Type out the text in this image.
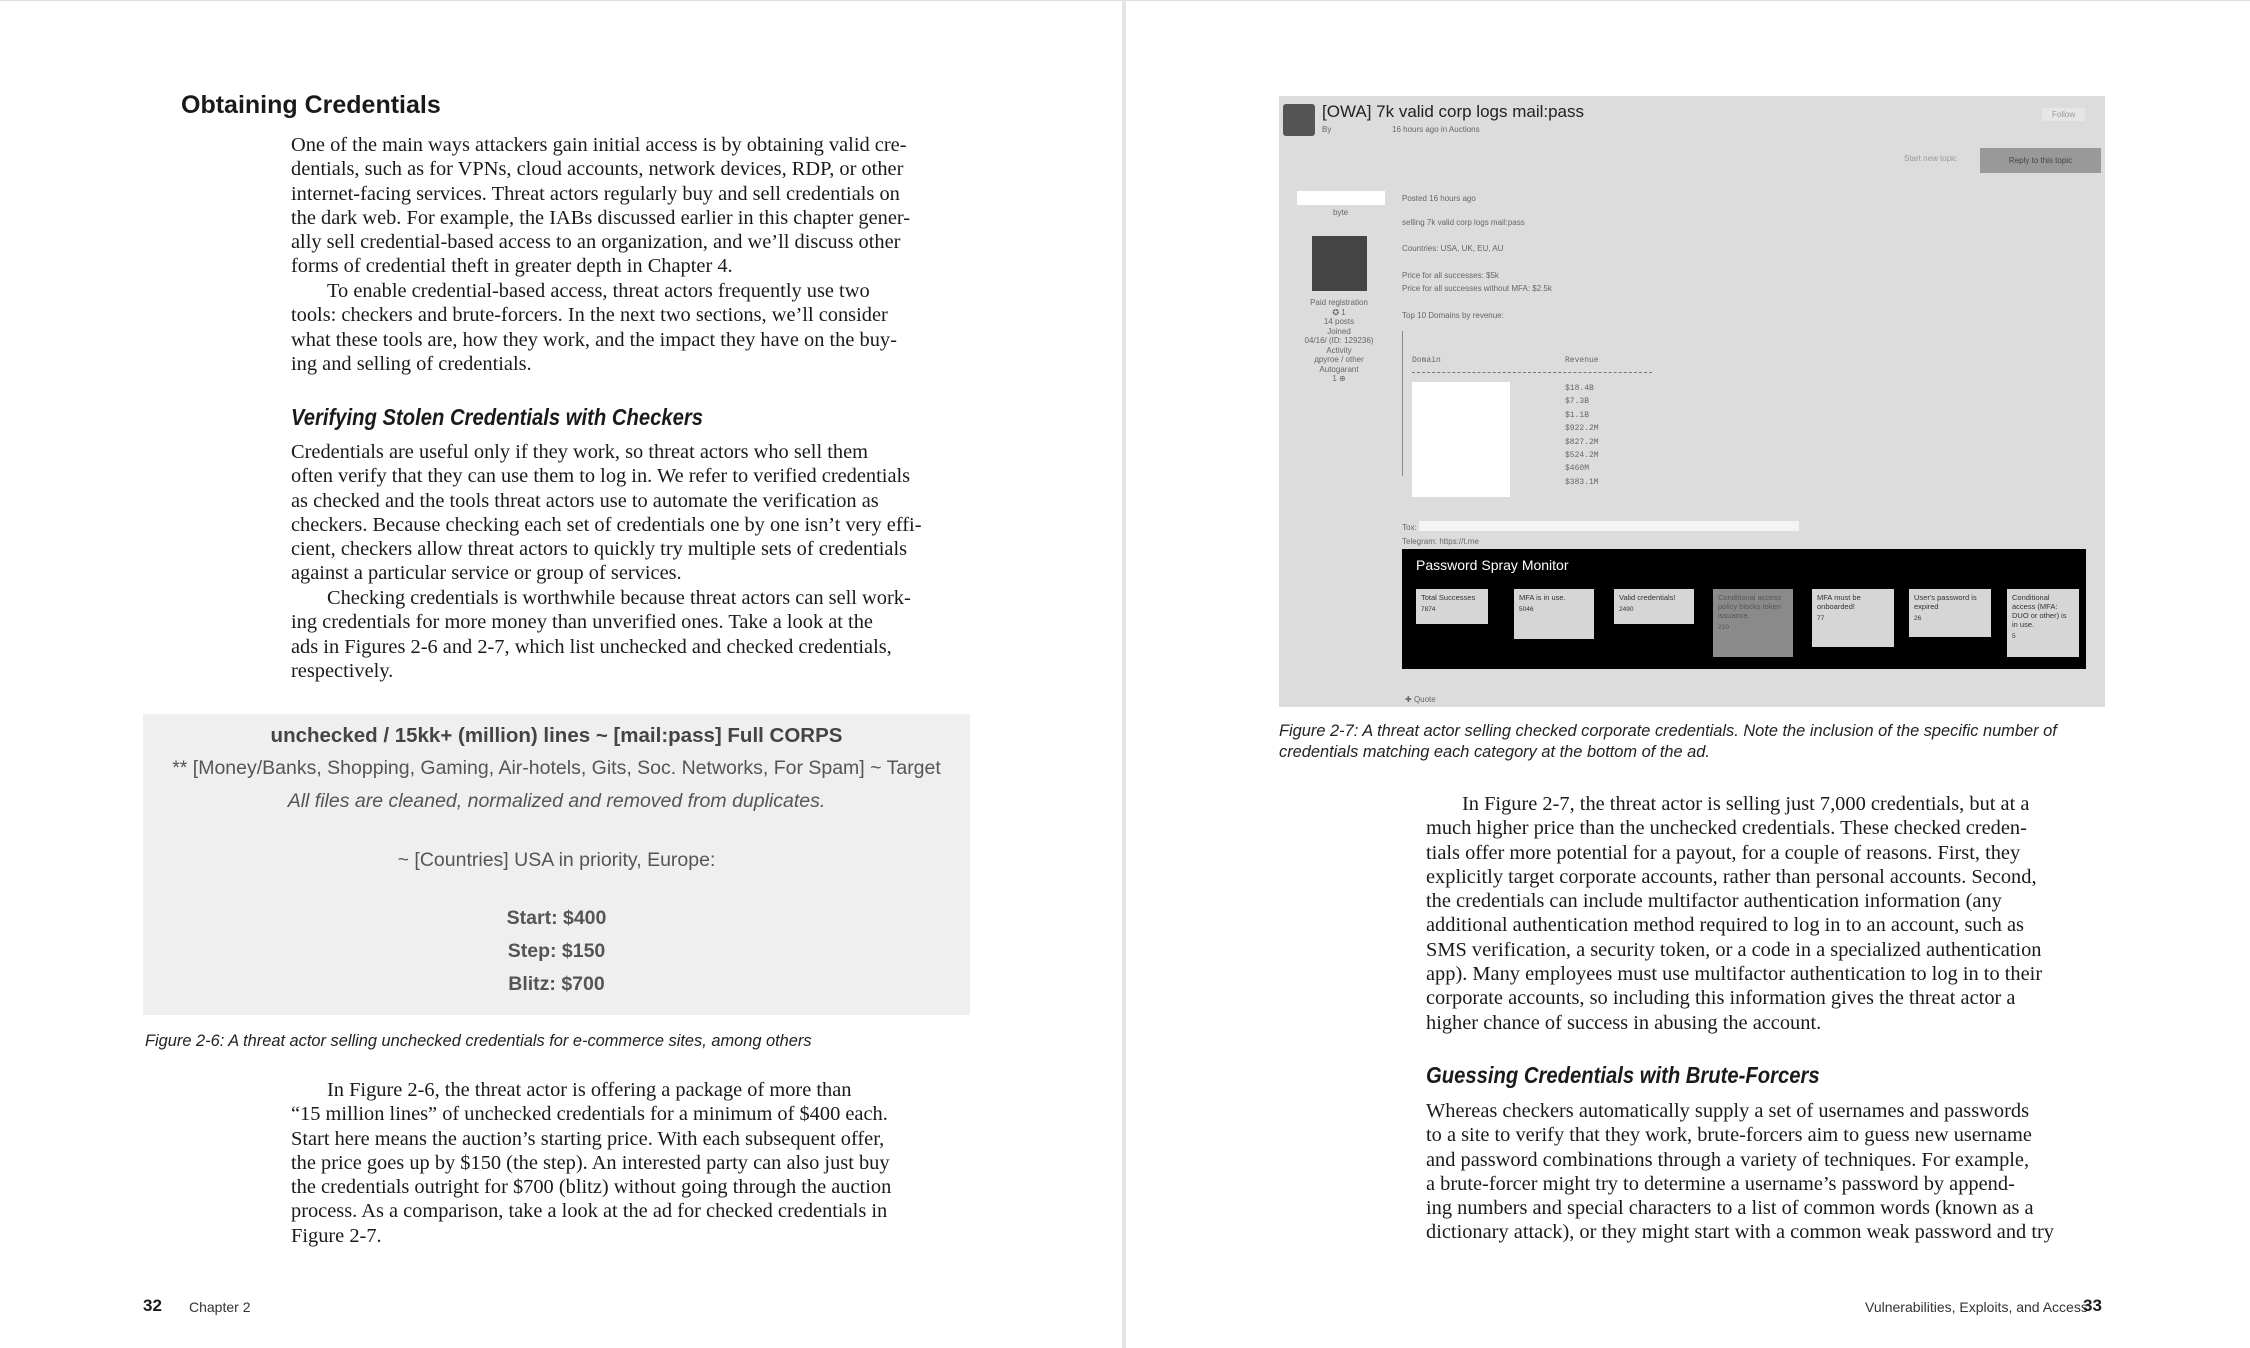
Obtaining Credentials
One of the main ways attackers gain initial access is by obtaining valid cre-
dentials, such as for VPNs, cloud accounts, network devices, RDP, or other
internet-facing services. Threat actors regularly buy and sell credentials on
the dark web. For example, the IABs discussed earlier in this chapter gener-
ally sell credential-based access to an organization, and we’ll discuss other
forms of credential theft in greater depth in Chapter 4.
To enable credential-based access, threat actors frequently use two
tools: checkers and brute-forcers. In the next two sections, we’ll consider
what these tools are, how they work, and the impact they have on the buy-
ing and selling of credentials.
Verifying Stolen Credentials with Checkers
Credentials are useful only if they work, so threat actors who sell them
often verify that they can use them to log in. We refer to verified credentials
as checked and the tools threat actors use to automate the verification as
checkers. Because checking each set of credentials one by one isn’t very effi-
cient, checkers allow threat actors to quickly try multiple sets of credentials
against a particular service or group of services.
Checking credentials is worthwhile because threat actors can sell work-
ing credentials for more money than unverified ones. Take a look at the
ads in Figures 2-6 and 2-7, which list unchecked and checked credentials,
respectively.
unchecked / 15kk+ (million) lines ~ [mail:pass] Full CORPS
** [Money/Banks, Shopping, Gaming, Air-hotels, Gits, Soc. Networks, For Spam] ~ Target
All files are cleaned, normalized and removed from duplicates.
~ [Countries] USA in priority, Europe:
Start: $400
Step: $150
Blitz: $700
Figure 2-6: A threat actor selling unchecked credentials for e-commerce sites, among others
In Figure 2-6, the threat actor is offering a package of more than
“15 million lines” of unchecked credentials for a minimum of $400 each.
Start here means the auction’s starting price. With each subsequent offer,
the price goes up by $150 (the step). An interested party can also just buy
the credentials outright for $700 (blitz) without going through the auction
process. As a comparison, take a look at the ad for checked credentials in
Figure 2-7.
32 Chapter 2
[OWA] 7k valid corp logs mail:pass
By	16 hours ago in Auctions
Follow
Start new topic	Reply to this topic
byte
Paid registration
✪ 1
14 posts
Joined
04/16/ (ID: 129236)
Activity
другое / other
Autogarant
1 ⊕
Posted 16 hours ago
selling 7k valid corp logs mail:pass
Countries: USA, UK, EU, AU
Price for all successes: $5k
Price for all successes without MFA: $2.5k
Top 10 Domains by revenue:
Domain	Revenue
$18.4B
$7.3B
$1.1B
$922.2M
$827.2M
$524.2M
$460M
$383.1M
Tox:
Telegram: https://t.me
Password Spray Monitor
Total Successes
7874
MFA is in use.
5046
Valid credentials!
2490
Conditional access policy blocks token issuance.
210
MFA must be onboarded!
77
User's password is expired
26
Conditional access (MFA: DUO or other) is in use.
5
✚ Quote
Figure 2-7: A threat actor selling checked corporate credentials. Note the inclusion of the specific number of
credentials matching each category at the bottom of the ad.
In Figure 2-7, the threat actor is selling just 7,000 credentials, but at a
much higher price than the unchecked credentials. These checked creden-
tials offer more potential for a payout, for a couple of reasons. First, they
explicitly target corporate accounts, rather than personal accounts. Second,
the credentials can include multifactor authentication information (any
additional authentication method required to log in to an account, such as
SMS verification, a security token, or a code in a specialized authentication
app). Many employees must use multifactor authentication to log in to their
corporate accounts, so including this information gives the threat actor a
higher chance of success in abusing the account.
Guessing Credentials with Brute-Forcers
Whereas checkers automatically supply a set of usernames and passwords
to a site to verify that they work, brute-forcers aim to guess new username
and password combinations through a variety of techniques. For example,
a brute-forcer might try to determine a username’s password by append-
ing numbers and special characters to a list of common words (known as a
dictionary attack), or they might start with a common weak password and try
Vulnerabilities, Exploits, and Access
33
